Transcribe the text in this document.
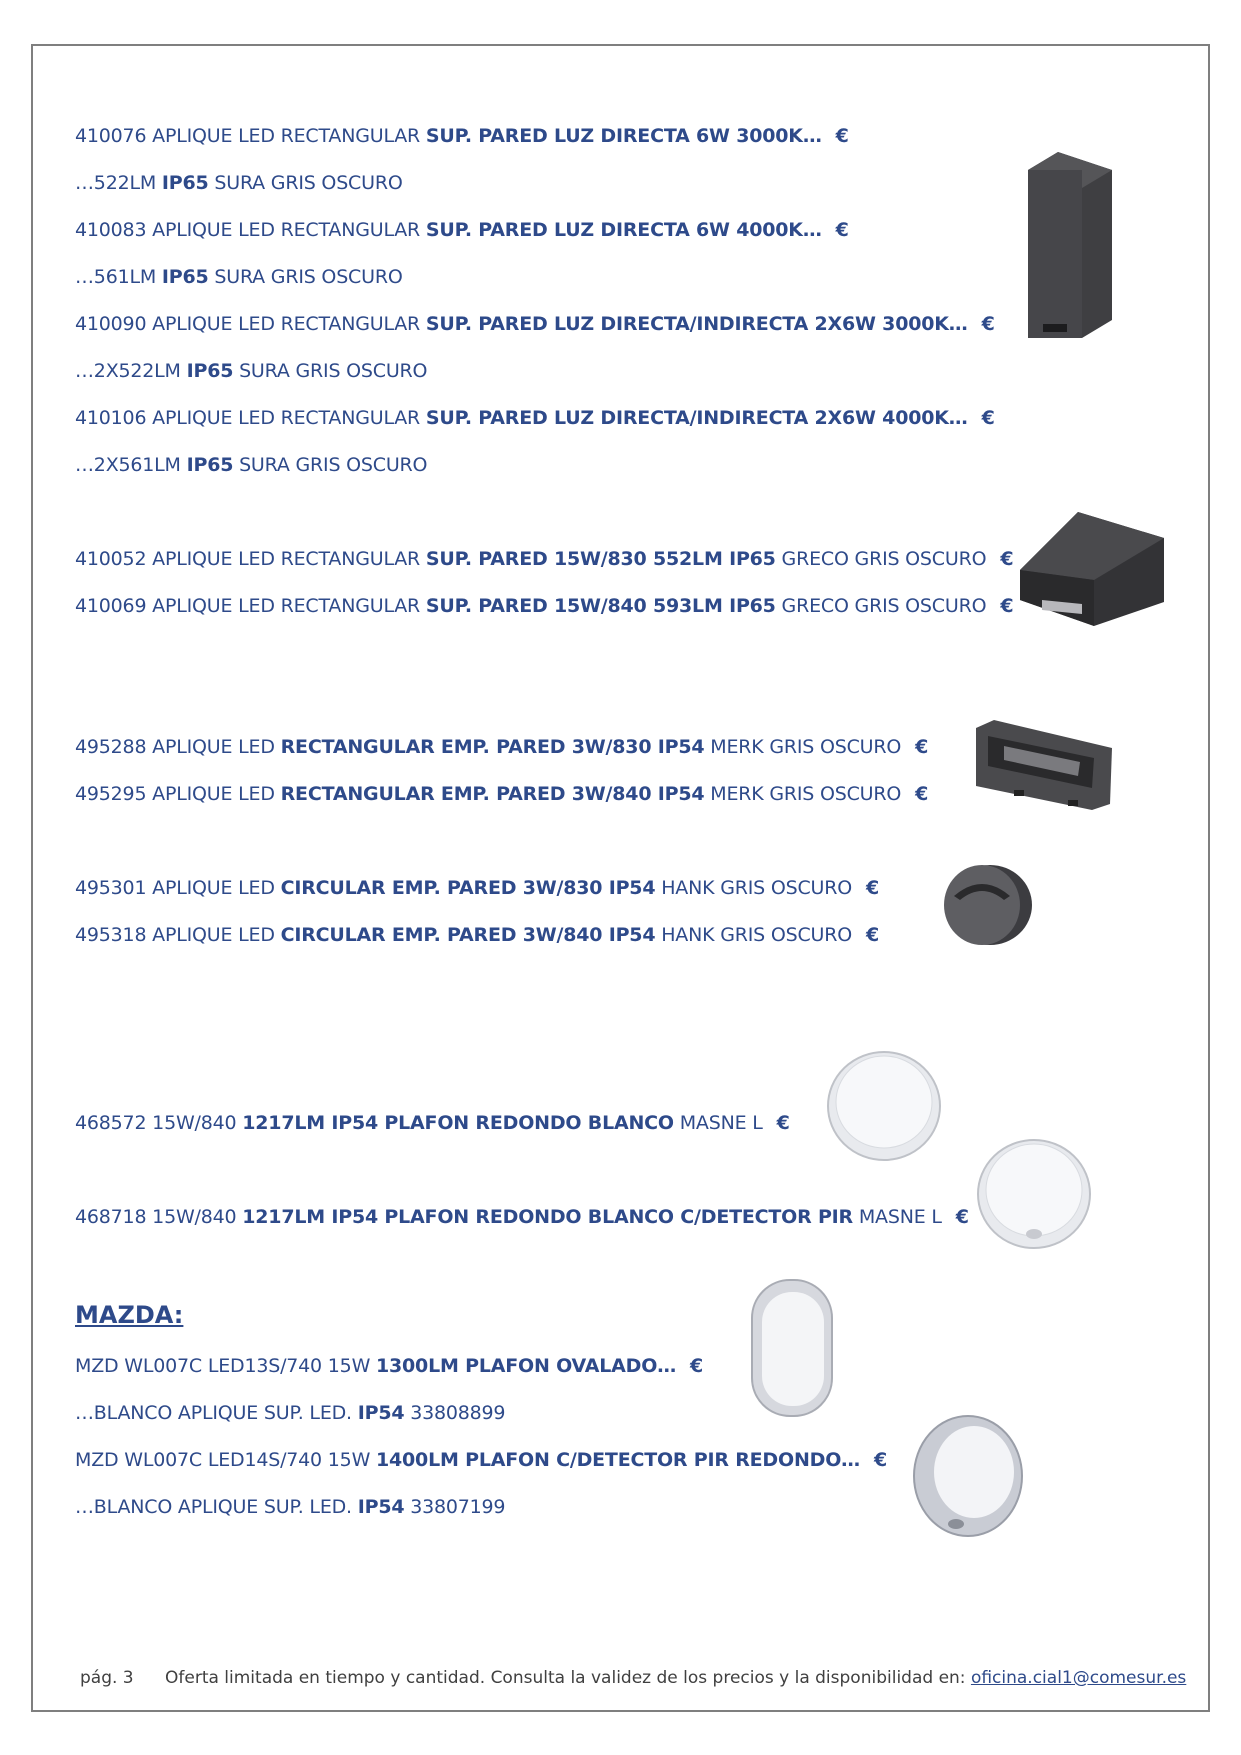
410076 APLIQUE LED RECTANGULAR SUP. PARED LUZ DIRECTA 6W 3000K… €
…522LM IP65 SURA GRIS OSCURO
410083 APLIQUE LED RECTANGULAR SUP. PARED LUZ DIRECTA 6W 4000K… €
…561LM IP65 SURA GRIS OSCURO
410090 APLIQUE LED RECTANGULAR SUP. PARED LUZ DIRECTA/INDIRECTA 2X6W 3000K… €
…2X522LM IP65 SURA GRIS OSCURO
410106 APLIQUE LED RECTANGULAR SUP. PARED LUZ DIRECTA/INDIRECTA 2X6W 4000K… €
…2X561LM IP65 SURA GRIS OSCURO
410052 APLIQUE LED RECTANGULAR SUP. PARED 15W/830 552LM IP65 GRECO GRIS OSCURO €
410069 APLIQUE LED RECTANGULAR SUP. PARED 15W/840 593LM IP65 GRECO GRIS OSCURO €
495288 APLIQUE LED RECTANGULAR EMP. PARED 3W/830 IP54 MERK GRIS OSCURO €
495295 APLIQUE LED RECTANGULAR EMP. PARED 3W/840 IP54 MERK GRIS OSCURO €
495301 APLIQUE LED CIRCULAR EMP. PARED 3W/830 IP54 HANK GRIS OSCURO €
495318 APLIQUE LED CIRCULAR EMP. PARED 3W/840 IP54 HANK GRIS OSCURO €
468572 15W/840 1217LM IP54 PLAFON REDONDO BLANCO MASNE L €
468718 15W/840 1217LM IP54 PLAFON REDONDO BLANCO C/DETECTOR PIR MASNE L €
MAZDA:
MZD WL007C LED13S/740 15W 1300LM PLAFON OVALADO… €
…BLANCO APLIQUE SUP. LED. IP54 33808899
MZD WL007C LED14S/740 15W 1400LM PLAFON C/DETECTOR PIR REDONDO… €
…BLANCO APLIQUE SUP. LED. IP54 33807199
pág. 3 Oferta limitada en tiempo y cantidad. Consulta la validez de los precios y la disponibilidad en: oficina.cial1@comesur.es
